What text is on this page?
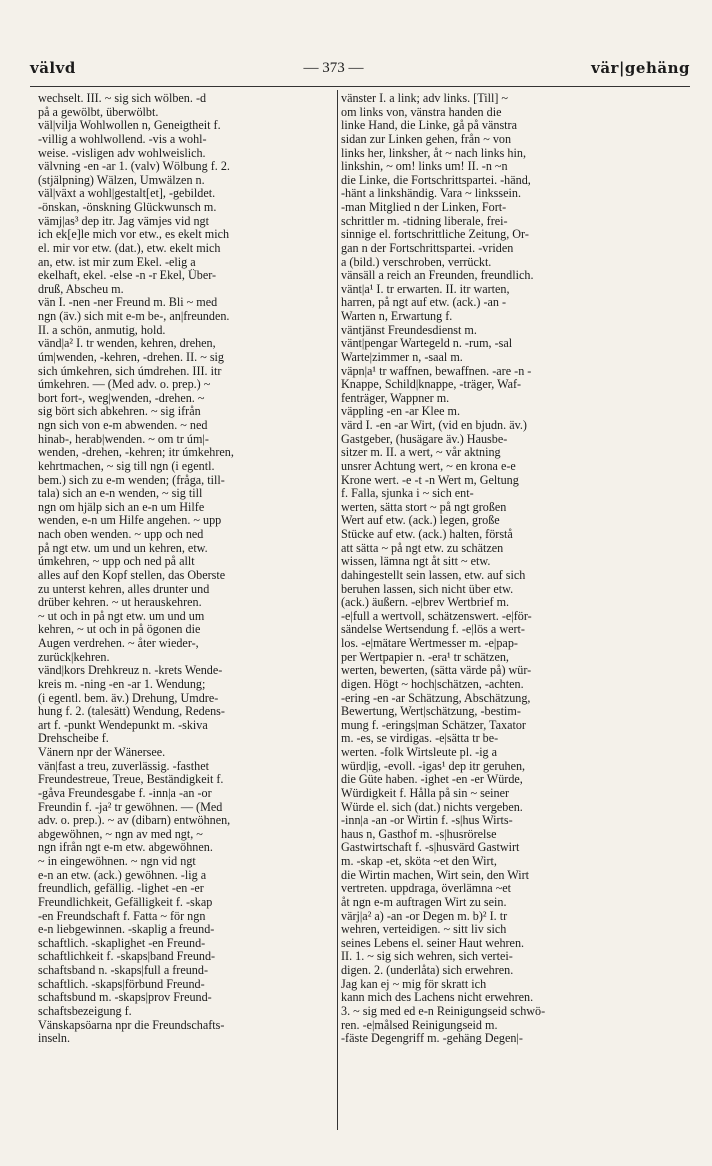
välvd	— 373 —	vär|gehäng
wechselt. III. ~ sig sich wölben. -d
på a gewölbt, überwölbt.
väl|vilja Wohlwollen n, Geneigtheit f.
-villig a wohlwollend. -vis a wohl-
weise. -visligen adv wohlweislich.
välvning -en -ar 1. (valv) Wölbung f. 2.
(stjälpning) Wälzen, Umwälzen n.
väl|växt a wohl|gestalt[et], -gebildet.
-önskan, -önskning Glückwunsch m.
vämj|as³ dep itr. Jag vämjes vid ngt
ich ek[e]le mich vor etw., es ekelt mich
el. mir vor etw. (dat.), etw. ekelt mich
an, etw. ist mir zum Ekel. -elig a
ekelhaft, ekel. -else -n -r Ekel, Über-
druß, Abscheu m.
vän I. -nen -ner Freund m. Bli ~ med
ngn (äv.) sich mit e-m be-, an|freunden.
II. a schön, anmutig, hold.
vänd|a² I. tr wenden, kehren, drehen,
úm|wenden, -kehren, -drehen. II. ~ sig
sich úmkehren, sich úmdrehen. III. itr
úmkehren. — (Med adv. o. prep.) ~
bort fort-, weg|wenden, -drehen. ~
sig bört sich abkehren. ~ sig ifrån
ngn sich von e-m abwenden. ~ ned
hinab-, herab|wenden. ~ om tr úm|-
wenden, -drehen, -kehren; itr úmkehren,
kehrtmachen, ~ sig till ngn (i egentl.
bem.) sich zu e-m wenden; (fråga, till-
tala) sich an e-n wenden, ~ sig till
ngn om hjälp sich an e-n um Hilfe
wenden, e-n um Hilfe angehen. ~ upp
nach oben wenden. ~ upp och ned
på ngt etw. um und un kehren, etw.
úmkehren, ~ upp och ned på allt
alles auf den Kopf stellen, das Oberste
zu unterst kehren, alles drunter und
drüber kehren. ~ ut herauskehren.
~ ut och in på ngt etw. um und um
kehren, ~ ut och in på ögonen die
Augen verdrehen. ~ åter wieder-,
zurück|kehren.
vänd|kors Drehkreuz n. -krets Wende-
kreis m. -ning -en -ar 1. Wendung;
(i egentl. bem. äv.) Drehung, Umdre-
hung f. 2. (talesätt) Wendung, Redens-
art f. -punkt Wendepunkt m. -skiva
Drehscheibe f.
Vänern npr der Wänersee.
vän|fast a treu, zuverlässig. -fasthet
Freundestreue, Treue, Beständigkeit f.
-gåva Freundesgabe f. -inn|a -an -or
Freundin f. -ja² tr gewöhnen. — (Med
adv. o. prep.). ~ av (dibarn) entwöhnen,
abgewöhnen, ~ ngn av med ngt, ~
ngn ifrån ngt e-m etw. abgewöhnen.
~ in eingewöhnen. ~ ngn vid ngt
e-n an etw. (ack.) gewöhnen. -lig a
freundlich, gefällig. -lighet -en -er
Freundlichkeit, Gefälligkeit f. -skap
-en Freundschaft f. Fatta ~ för ngn
e-n liebgewinnen. -skaplig a freund-
schaftlich. -skaplighet -en Freund-
schaftlichkeit f. -skaps|band Freund-
schaftsband n. -skaps|full a freund-
schaftlich. -skaps|förbund Freund-
schaftsbund m. -skaps|prov Freund-
schaftsbezeigung f.
Vänskapsöarna npr die Freundschafts-
inseln.
vänster I. a link; adv links. [Till] ~
om links von, vänstra handen die
linke Hand, die Linke, gå på vänstra
sidan zur Linken gehen, från ~ von
links her, linksher, åt ~ nach links hin,
linkshin, ~ om! links um! II. -n ~n
die Linke, die Fortschrittspartei. -händ,
-hänt a linkshändig. Vara ~ linkssein.
-man Mitglied n der Linken, Fort-
schrittler m. -tidning liberale, frei-
sinnige el. fortschrittliche Zeitung, Or-
gan n der Fortschrittspartei. -vriden
a (bild.) verschroben, verrückt.
vänsäll a reich an Freunden, freundlich.
vänt|a¹ I. tr erwarten. II. itr warten,
harren, på ngt auf etw. (ack.) -an -
Warten n, Erwartung f.
väntjänst Freundesdienst m.
vänt|pengar Wartegeld n. -rum, -sal
Warte|zimmer n, -saal m.
väpn|a¹ tr waffnen, bewaffnen. -are -n -
Knappe, Schild|knappe, -träger, Waf-
fenträger, Wappner m.
väppling -en -ar Klee m.
värd I. -en -ar Wirt, (vid en bjudn. äv.)
Gastgeber, (husägare äv.) Hausbe-
sitzer m. II. a wert, ~ vår aktning
unsrer Achtung wert, ~ en krona e-e
Krone wert. -e -t -n Wert m, Geltung
f. Falla, sjunka i ~ sich ent-
werten, sätta stort ~ på ngt großen
Wert auf etw. (ack.) legen, große
Stücke auf etw. (ack.) halten, förstå
att sätta ~ på ngt etw. zu schätzen
wissen, lämna ngt åt sitt ~ etw.
dahingestellt sein lassen, etw. auf sich
beruhen lassen, sich nicht über etw.
(ack.) äußern. -e|brev Wertbrief m.
-e|full a wertvoll, schätzenswert. -e|för-
sändelse Wertsendung f. -e|lös a wert-
los. -e|mätare Wertmesser m. -e|pap-
per Wertpapier n. -era¹ tr schätzen,
werten, bewerten, (sätta värde på) wür-
digen. Högt ~ hoch|schätzen, -achten.
-ering -en -ar Schätzung, Abschätzung,
Bewertung, Wert|schätzung, -bestim-
mung f. -erings|man Schätzer, Taxator
m. -es, se virdigas. -e|sätta tr be-
werten. -folk Wirtsleute pl. -ig a
würd|ig, -evoll. -igas¹ dep itr geruhen,
die Güte haben. -ighet -en -er Würde,
Würdigkeit f. Hålla på sin ~ seiner
Würde el. sich (dat.) nichts vergeben.
-inn|a -an -or Wirtin f. -s|hus Wirts-
haus n, Gasthof m. -s|husrörelse
Gastwirtschaft f. -s|husvärd Gastwirt
m. -skap -et, sköta ~et den Wirt,
die Wirtin machen, Wirt sein, den Wirt
vertreten. uppdraga, överlämna ~et
åt ngn e-m auftragen Wirt zu sein.
värj|a² a) -an -or Degen m. b)² I. tr
wehren, verteidigen. ~ sitt liv sich
seines Lebens el. seiner Haut wehren.
II. 1. ~ sig sich wehren, sich vertei-
digen. 2. (underlåta) sich erwehren.
Jag kan ej ~ mig för skratt ich
kann mich des Lachens nicht erwehren.
3. ~ sig med ed e-n Reinigungseid schwö-
ren. -e|målsed Reinigungseid m.
-fäste Degengriff m. -gehäng Degen|-
